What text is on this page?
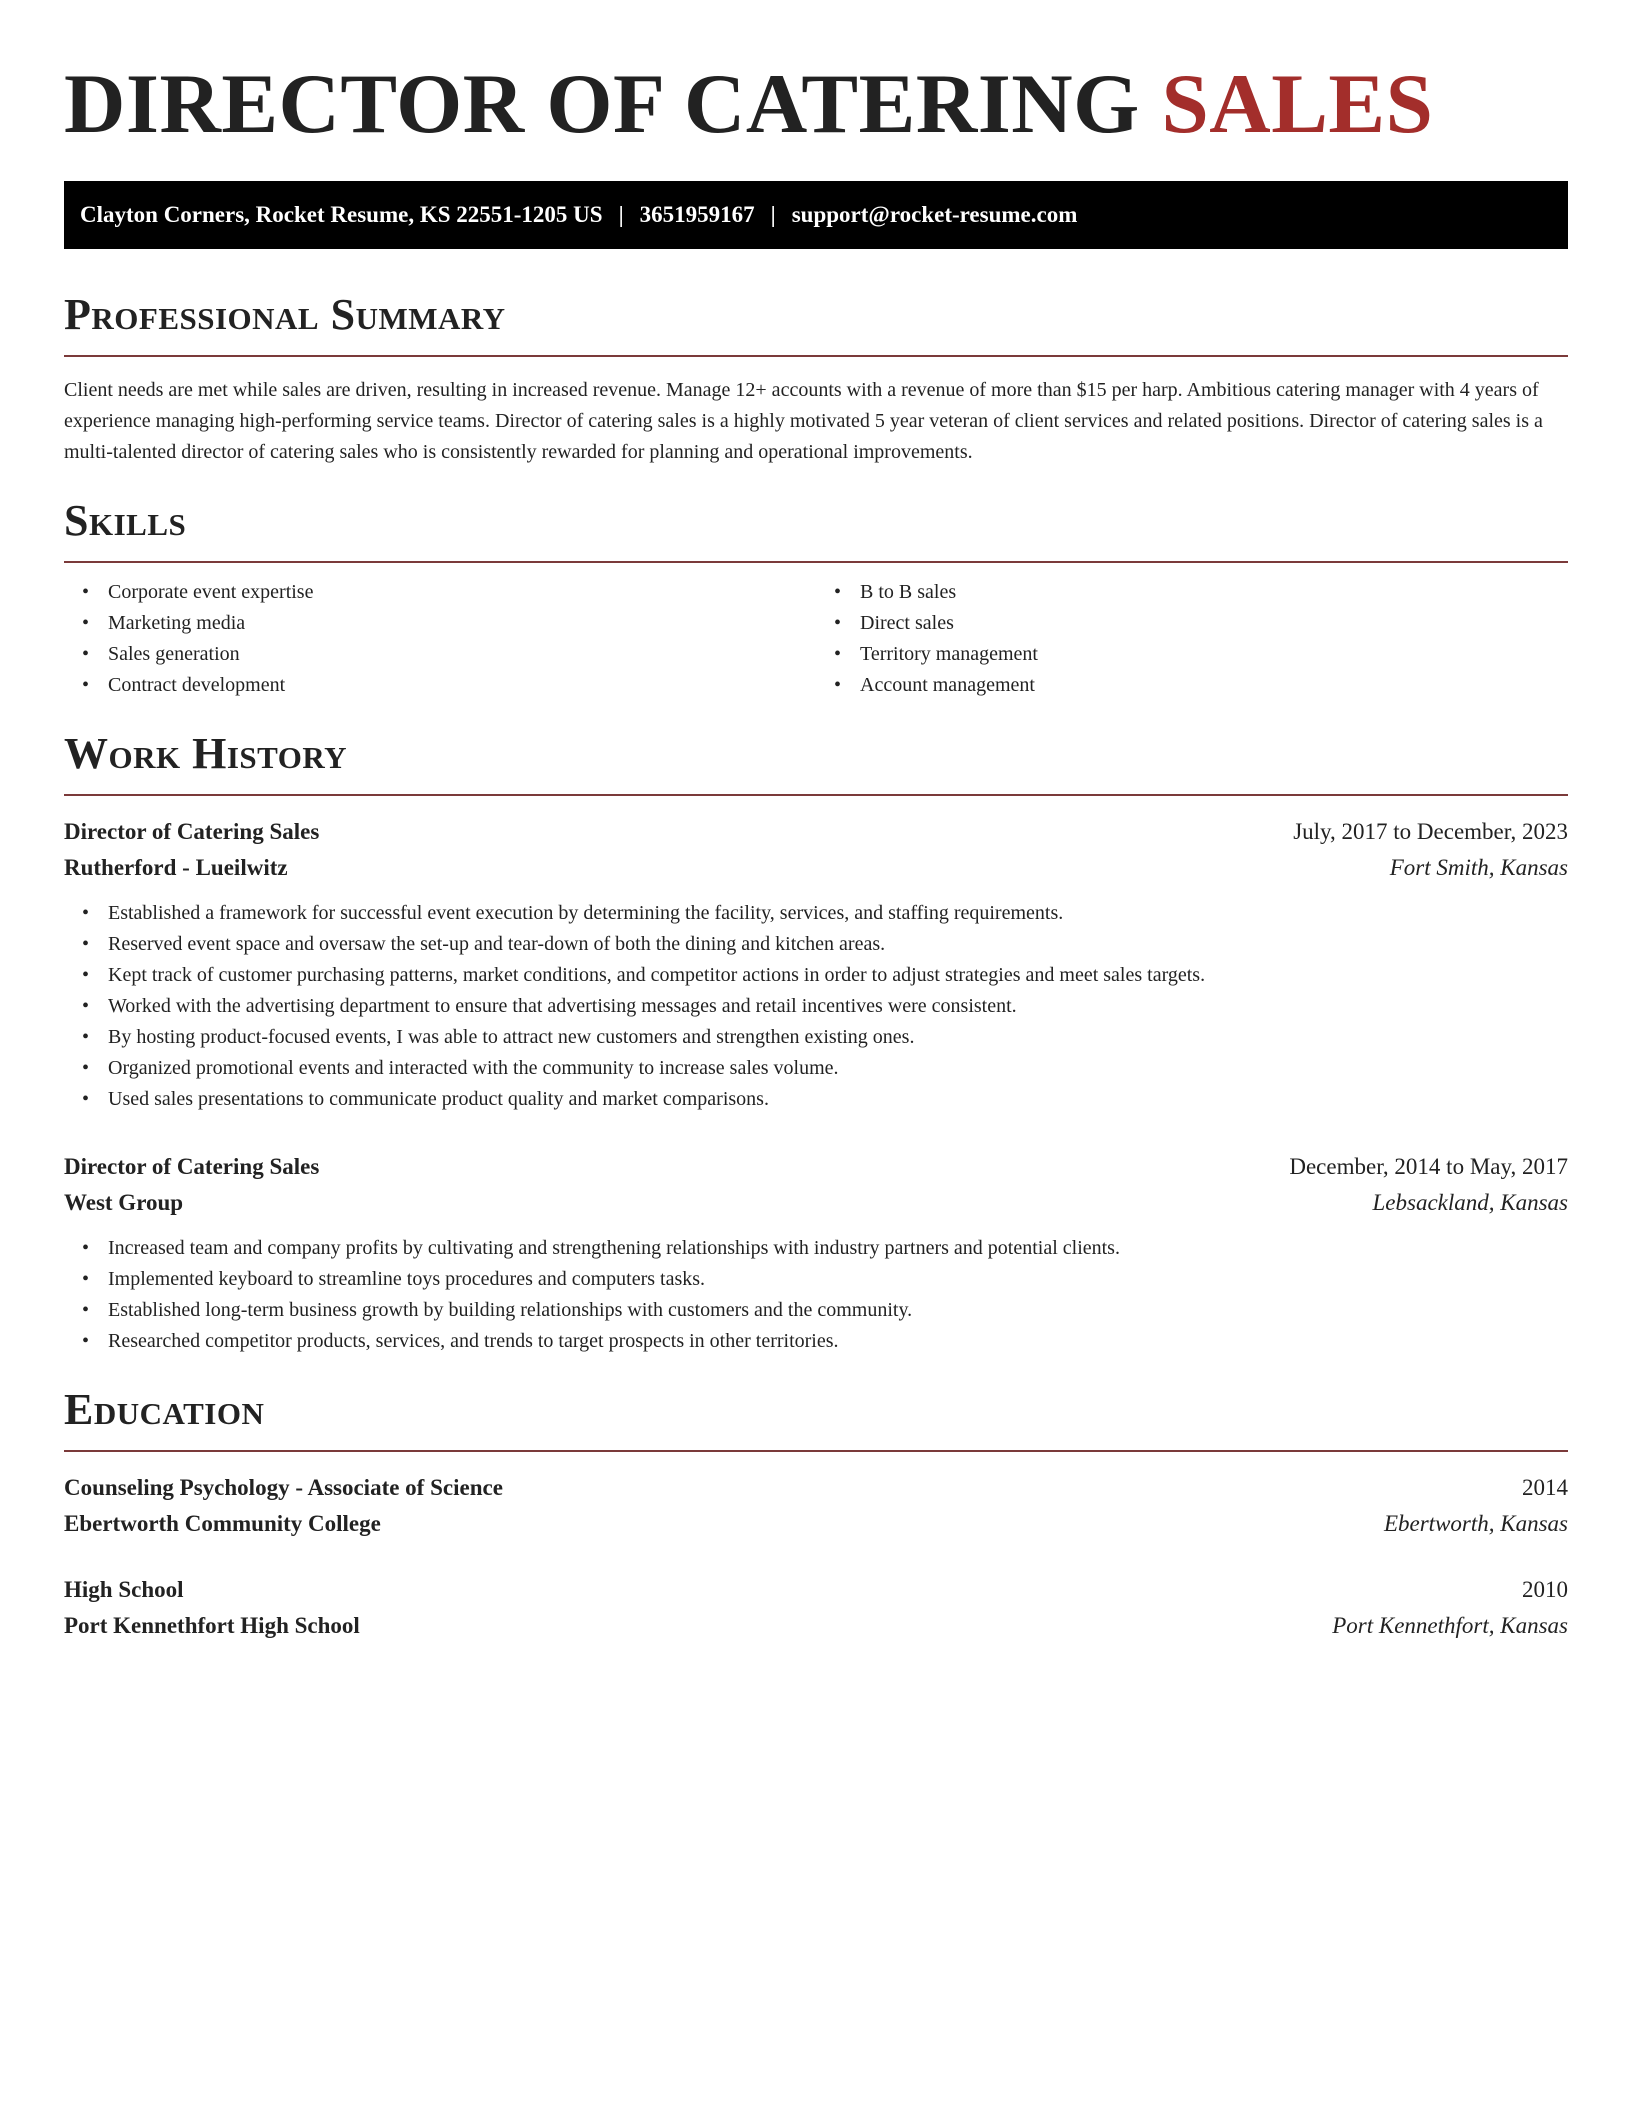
DIRECTOR OF CATERING SALES
Clayton Corners, Rocket Resume, KS 22551-1205 US | 3651959167 | support@rocket-resume.com
Professional Summary

Client needs are met while sales are driven, resulting in increased revenue. Manage 12+ accounts with a revenue of more than $15 per harp. Ambitious catering manager with 4 years of experience managing high-performing service teams. Director of catering sales is a highly motivated 5 year veteran of client services and related positions. Director of catering sales is a multi-talented director of catering sales who is consistently rewarded for planning and operational improvements.

Skills
• Corporate event expertise
• Marketing media
• Sales generation
• Contract development
• B to B sales
• Direct sales
• Territory management
• Account management
Work History
Director of Catering Sales	July, 2017 to December, 2023
Rutherford - Lueilwitz	Fort Smith, Kansas
• Established a framework for successful event execution by determining the facility, services, and staffing requirements.
• Reserved event space and oversaw the set-up and tear-down of both the dining and kitchen areas.
• Kept track of customer purchasing patterns, market conditions, and competitor actions in order to adjust strategies and meet sales targets.
• Worked with the advertising department to ensure that advertising messages and retail incentives were consistent.
• By hosting product-focused events, I was able to attract new customers and strengthen existing ones.
• Organized promotional events and interacted with the community to increase sales volume.
• Used sales presentations to communicate product quality and market comparisons.
Director of Catering Sales	December, 2014 to May, 2017
West Group	Lebsackland, Kansas
• Increased team and company profits by cultivating and strengthening relationships with industry partners and potential clients.
• Implemented keyboard to streamline toys procedures and computers tasks.
• Established long-term business growth by building relationships with customers and the community.
• Researched competitor products, services, and trends to target prospects in other territories.
Education
Counseling Psychology - Associate of Science	2014
Ebertworth Community College	Ebertworth, Kansas
High School	2010
Port Kennethfort High School	Port Kennethfort, Kansas
